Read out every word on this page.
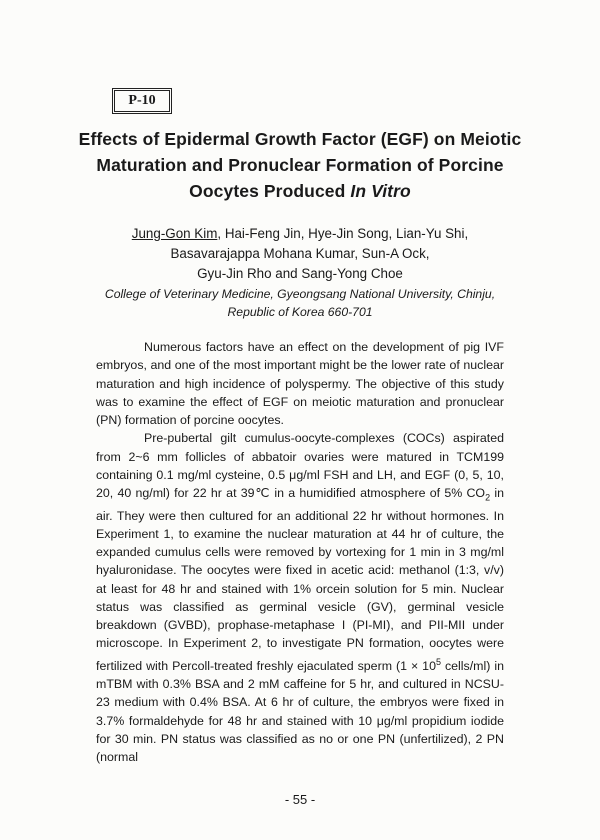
P-10
Effects of Epidermal Growth Factor (EGF) on Meiotic
Maturation and Pronuclear Formation of Porcine
Oocytes Produced In Vitro
Jung-Gon Kim, Hai-Feng Jin, Hye-Jin Song, Lian-Yu Shi,
Basavarajappa Mohana Kumar, Sun-A Ock,
Gyu-Jin Rho and Sang-Yong Choe
College of Veterinary Medicine, Gyeongsang National University, Chinju,
Republic of Korea 660-701

Numerous factors have an effect on the development of pig IVF embryos, and one of the most important might be the lower rate of nuclear maturation and high incidence of polyspermy. The objective of this study was to examine the effect of EGF on meiotic maturation and pronuclear (PN) formation of porcine oocytes.

Pre-pubertal gilt cumulus-oocyte-complexes (COCs) aspirated from 2~6 mm follicles of abbatoir ovaries were matured in TCM199 containing 0.1 mg/ml cysteine, 0.5 μg/ml FSH and LH, and EGF (0, 5, 10, 20, 40 ng/ml) for 22 hr at 39℃ in a humidified atmosphere of 5% $CO_2$ in air. They were then cultured for an additional 22 hr without hormones. In Experiment 1, to examine the nuclear maturation at 44 hr of culture, the expanded cumulus cells were removed by vortexing for 1 min in 3 mg/ml hyaluronidase. The oocytes were fixed in acetic acid: methanol (1:3, v/v) at least for 48 hr and stained with 1% orcein solution for 5 min. Nuclear status was classified as germinal vesicle (GV), germinal vesicle breakdown (GVBD), prophase-metaphase I (PI-MI), and PII-MII under microscope. In Experiment 2, to investigate PN formation, oocytes were fertilized with Percoll-treated freshly ejaculated sperm ($1 \times 10^5$ cells/ml) in mTBM with 0.3% BSA and 2 mM caffeine for 5 hr, and cultured in NCSU-23 medium with 0.4% BSA. At 6 hr of culture, the embryos were fixed in 3.7% formaldehyde for 48 hr and stained with 10 μg/ml propidium iodide for 30 min. PN status was classified as no or one PN (unfertilized), 2 PN (normal

- 55 -
